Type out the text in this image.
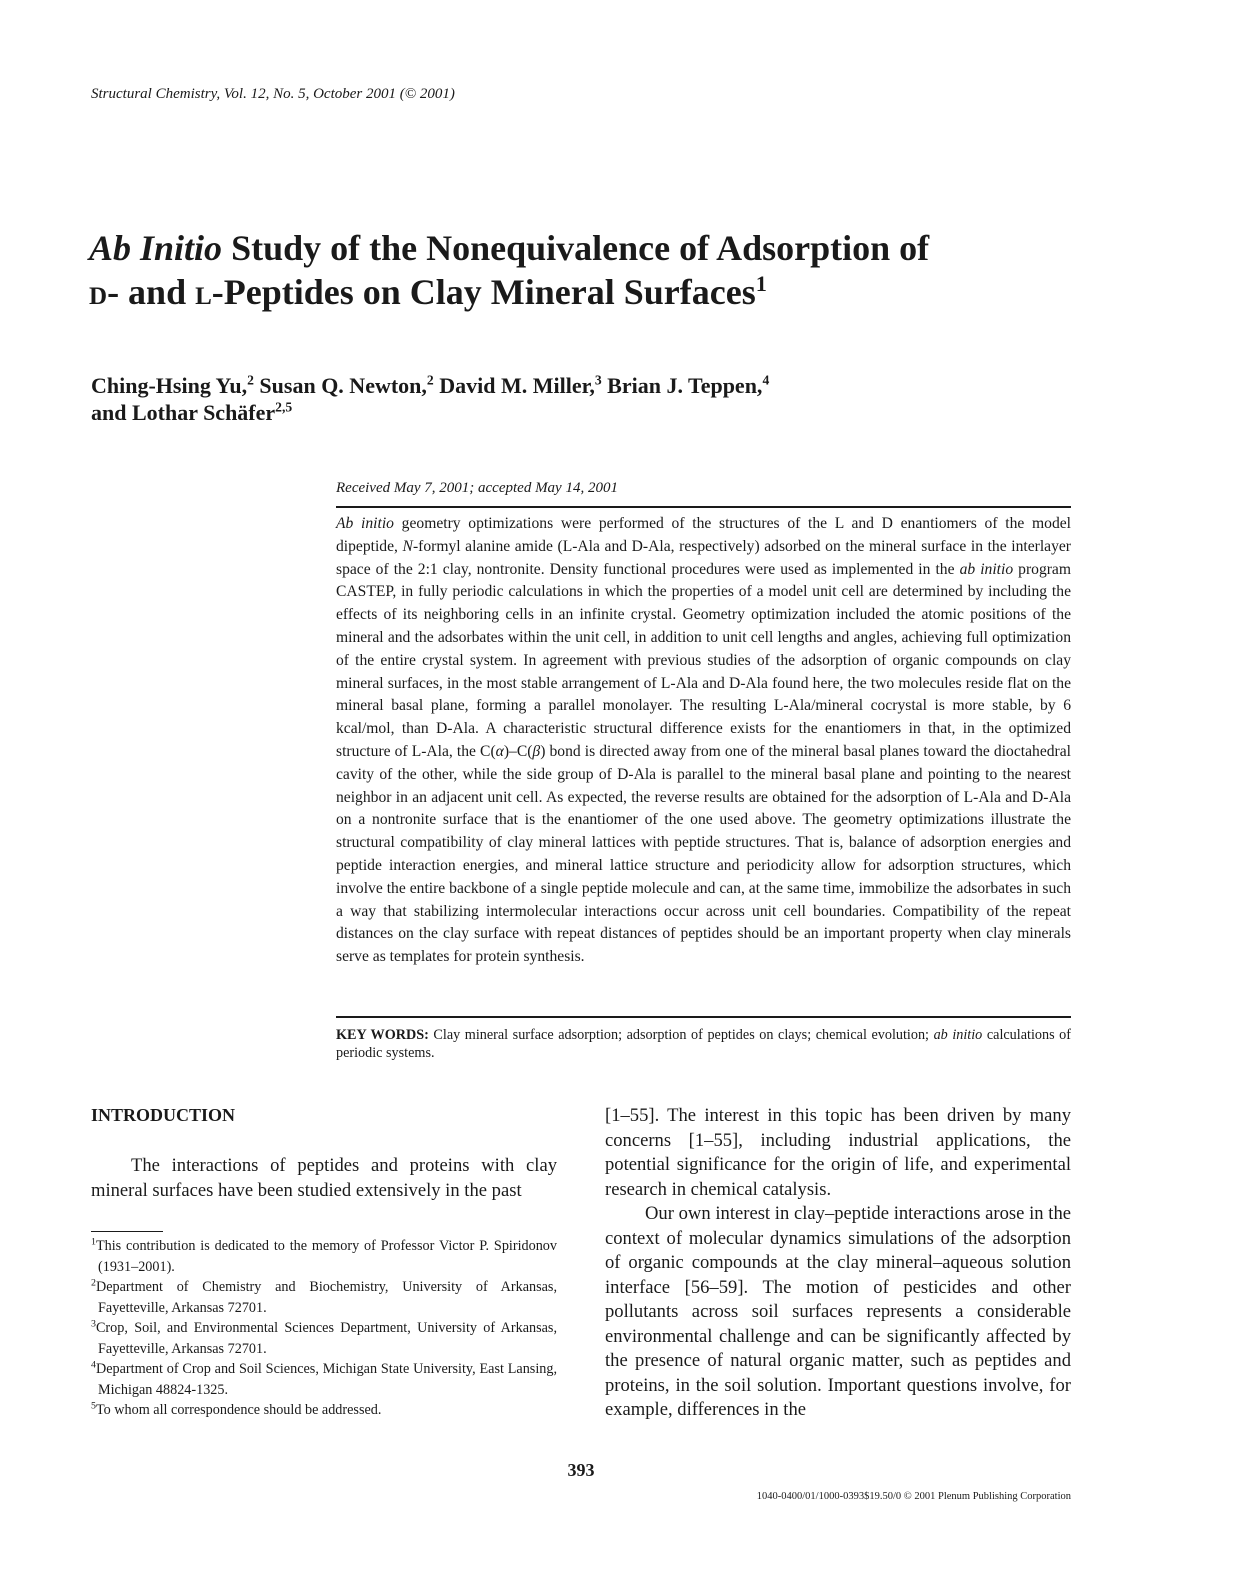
Structural Chemistry, Vol. 12, No. 5, October 2001 (© 2001)
Ab Initio Study of the Nonequivalence of Adsorption of
d- and l-Peptides on Clay Mineral Surfaces$^1$
Ching-Hsing Yu,$^2$ Susan Q. Newton,$^2$ David M. Miller,$^3$ Brian J. Teppen,$^4$
and Lothar Schäfer$^{2,5}$
Received May 7, 2001; accepted May 14, 2001

Ab initio geometry optimizations were performed of the structures of the L and D enantiomers of the model dipeptide, N-formyl alanine amide (L-Ala and D-Ala, respectively) adsorbed on the mineral surface in the interlayer space of the 2:1 clay, nontronite. Density functional procedures were used as implemented in the ab initio program CASTEP, in fully periodic calculations in which the properties of a model unit cell are determined by including the effects of its neighboring cells in an infinite crystal. Geometry optimization included the atomic positions of the mineral and the adsorbates within the unit cell, in addition to unit cell lengths and angles, achieving full optimization of the entire crystal system. In agreement with previous studies of the adsorption of organic compounds on clay mineral surfaces, in the most stable arrangement of L-Ala and D-Ala found here, the two molecules reside flat on the mineral basal plane, forming a parallel monolayer. The resulting L-Ala/mineral cocrystal is more stable, by 6 kcal/mol, than D-Ala. A characteristic structural difference exists for the enantiomers in that, in the optimized structure of L-Ala, the C(α)–C(β) bond is directed away from one of the mineral basal planes toward the dioctahedral cavity of the other, while the side group of D-Ala is parallel to the mineral basal plane and pointing to the nearest neighbor in an adjacent unit cell. As expected, the reverse results are obtained for the adsorption of L-Ala and D-Ala on a nontronite surface that is the enantiomer of the one used above. The geometry optimizations illustrate the structural compatibility of clay mineral lattices with peptide structures. That is, balance of adsorption energies and peptide interaction energies, and mineral lattice structure and periodicity allow for adsorption structures, which involve the entire backbone of a single peptide molecule and can, at the same time, immobilize the adsorbates in such a way that stabilizing intermolecular interactions occur across unit cell boundaries. Compatibility of the repeat distances on the clay surface with repeat distances of peptides should be an important property when clay minerals serve as templates for protein synthesis.

KEY WORDS: Clay mineral surface adsorption; adsorption of peptides on clays; chemical evolution; ab initio calculations of periodic systems.

INTRODUCTION

The interactions of peptides and proteins with clay mineral surfaces have been studied extensively in the past

[1–55]. The interest in this topic has been driven by many concerns [1–55], including industrial applications, the potential significance for the origin of life, and experimental research in chemical catalysis.

Our own interest in clay–peptide interactions arose in the context of molecular dynamics simulations of the adsorption of organic compounds at the clay mineral–aqueous solution interface [56–59]. The motion of pesticides and other pollutants across soil surfaces represents a considerable environmental challenge and can be significantly affected by the presence of natural organic matter, such as peptides and proteins, in the soil solution. Important questions involve, for example, differences in the

$^1$This contribution is dedicated to the memory of Professor Victor P. Spiridonov (1931–2001).

$^2$Department of Chemistry and Biochemistry, University of Arkansas, Fayetteville, Arkansas 72701.

$^3$Crop, Soil, and Environmental Sciences Department, University of Arkansas, Fayetteville, Arkansas 72701.

$^4$Department of Crop and Soil Sciences, Michigan State University, East Lansing, Michigan 48824-1325.

$^5$To whom all correspondence should be addressed.

393
1040-0400/01/1000-0393$19.50/0 © 2001 Plenum Publishing Corporation
